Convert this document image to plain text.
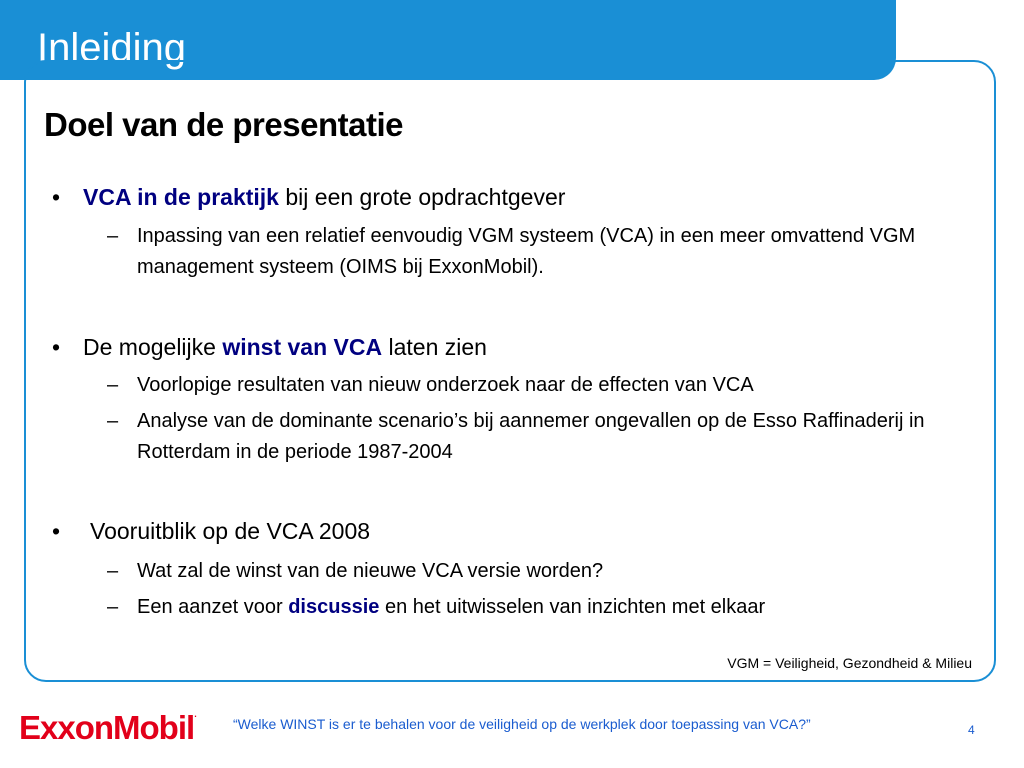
Inleiding
Doel van de presentatie
• VCA in de praktijk bij een grote opdrachtgever
– Inpassing van een relatief eenvoudig VGM systeem (VCA) in een meer omvattend VGM management systeem (OIMS bij ExxonMobil).
• De mogelijke winst van VCA laten zien
– Voorlopige resultaten van nieuw onderzoek naar de effecten van VCA
– Analyse van de dominante scenario’s bij aannemer ongevallen op de Esso Raffinaderij in Rotterdam in de periode 1987-2004
• Vooruitblik op de VCA 2008
– Wat zal de winst van de nieuwe VCA versie worden?
– Een aanzet voor discussie en het uitwisselen van inzichten met elkaar
VGM = Veiligheid, Gezondheid & Milieu
ExxonMobil.
“Welke WINST is er te behalen voor de veiligheid op de werkplek door toepassing van VCA?”	4
